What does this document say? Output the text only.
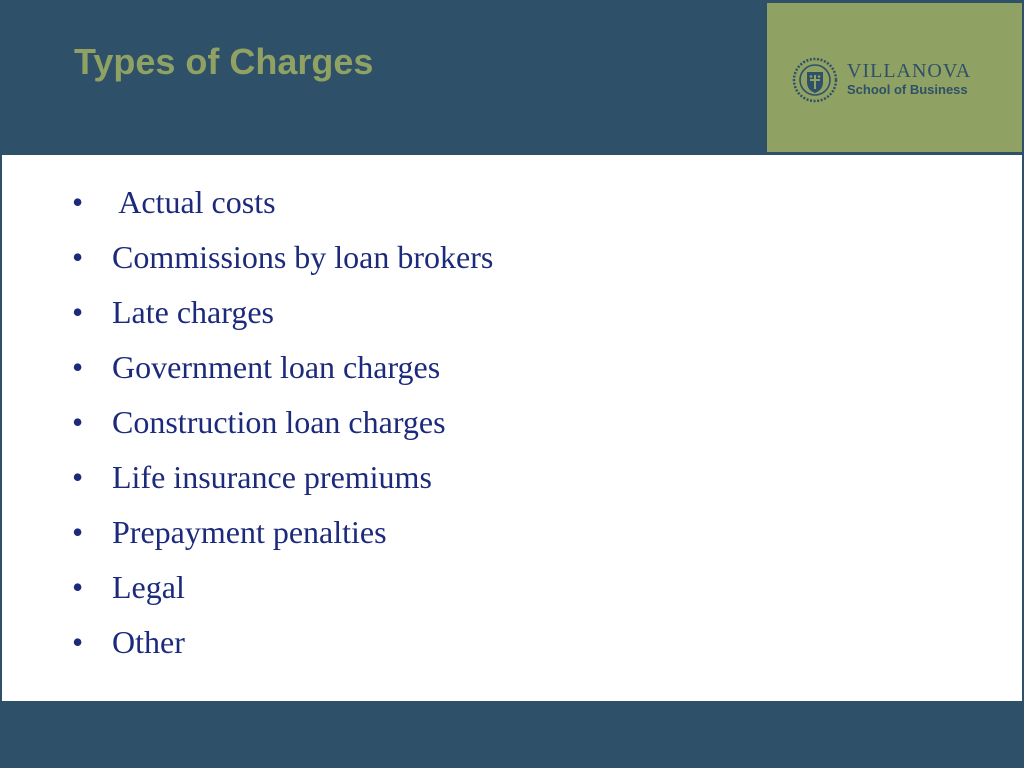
Types of Charges	VILLANOVA
School of Business
• Actual costs
• Commissions by loan brokers
• Late charges
• Government loan charges
• Construction loan charges
• Life insurance premiums
• Prepayment penalties
• Legal
• Other
